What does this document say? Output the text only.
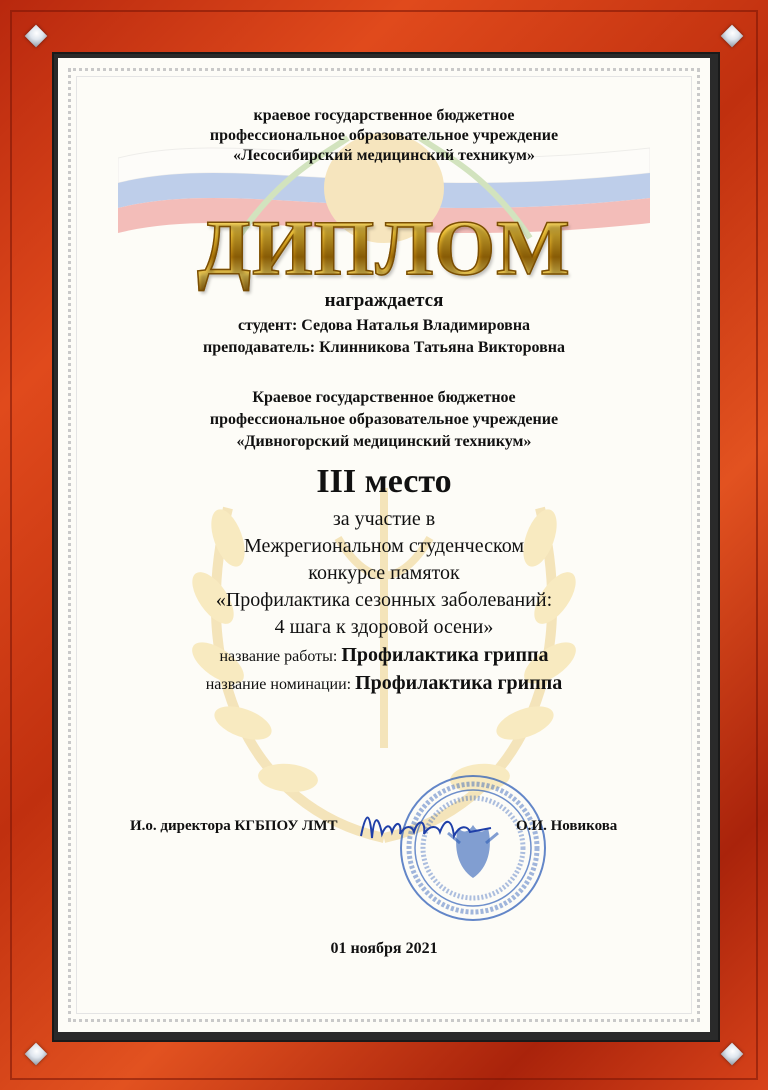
краевое государственное бюджетное
профессиональное образовательное учреждение
«Лесосибирский медицинский техникум»
ДИПЛОМ
награждается
студент: Седова Наталья Владимировна
преподаватель: Клинникова Татьяна Викторовна
Краевое государственное бюджетное
профессиональное образовательное учреждение
«Дивногорский медицинский техникум»
III место
за участие в
Межрегиональном студенческом
конкурсе памяток
«Профилактика сезонных заболеваний:
4 шага к здоровой осени»
название работы: Профилактика гриппа
название номинации: Профилактика гриппа
И.о. директора КГБПОУ ЛМТ	О.И. Новикова
01 ноября 2021
